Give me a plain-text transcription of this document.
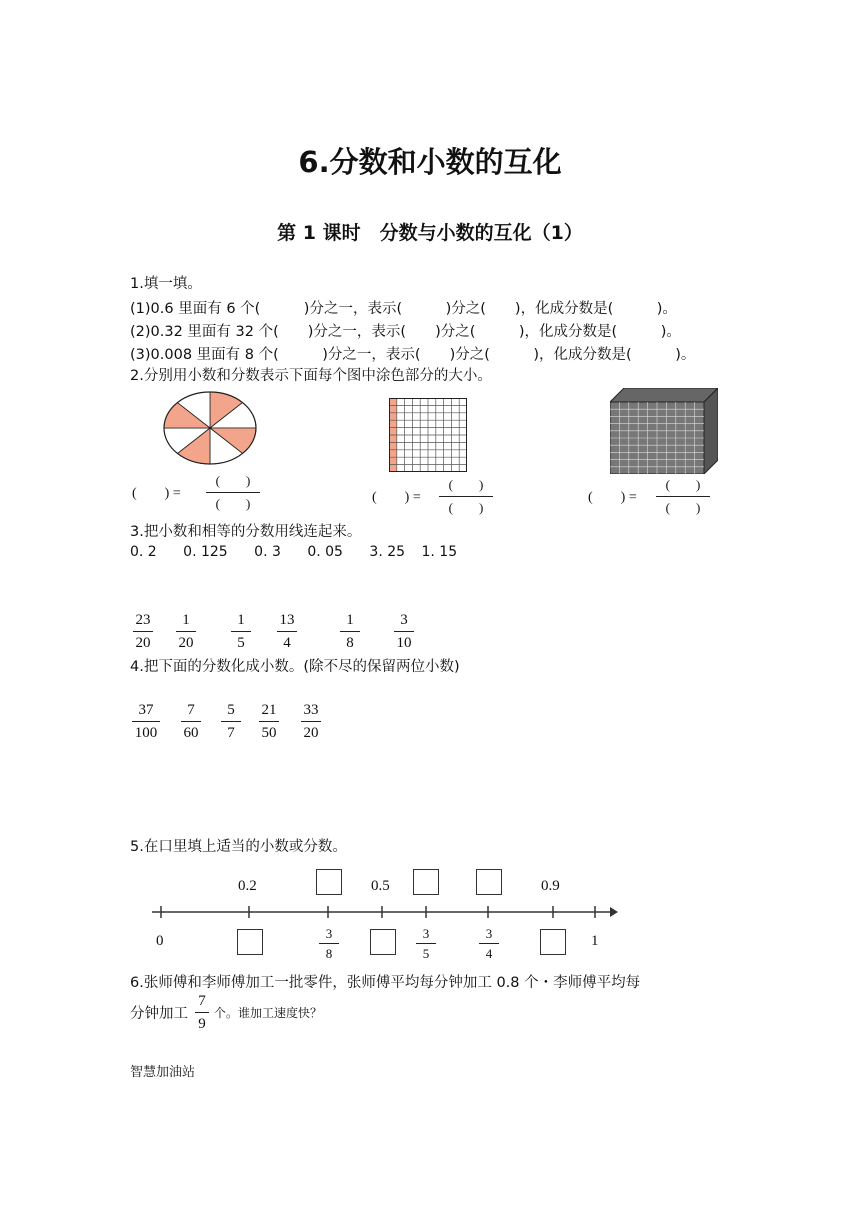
6.分数和小数的互化
第 1 课时　分数与小数的互化（1）
1.填一填。
(1)0.6 里面有 6 个(　　　)分之一，表示(　　　)分之(　　)，化成分数是(　　　)。
(2)0.32 里面有 32 个(　　)分之一，表示(　　)分之(　　　)，化成分数是(　　　)。
(3)0.008 里面有 8 个(　　　)分之一，表示(　　)分之(　　　)，化成分数是(　　　)。
2.分别用小数和分数表示下面每个图中涂色部分的大小。
(　　) =
(　　)
(　　)	(　　) =
(　　)
(　　)
(　　) =
(　　)
(　　)
3.把小数和相等的分数用线连起来。
0. 2 0. 125 0. 3 0. 05 3. 25 1. 15
23
20
1
20
1
5
13
4
1
8
3
10
4.把下面的分数化成小数。(除不尽的保留两位小数)
37
100
7
60
5
7
21
50
33
20
5.在口里填上适当的小数或分数。
0.2	0.5	0.9
0	3
8
3
5
3
4
1
6.张师傅和李师傅加工一批零件，张师傅平均每分钟加工 0.8 个・李师傅平均每
分钟加工
7
9
个。谁加工速度快？
智慧加油站
